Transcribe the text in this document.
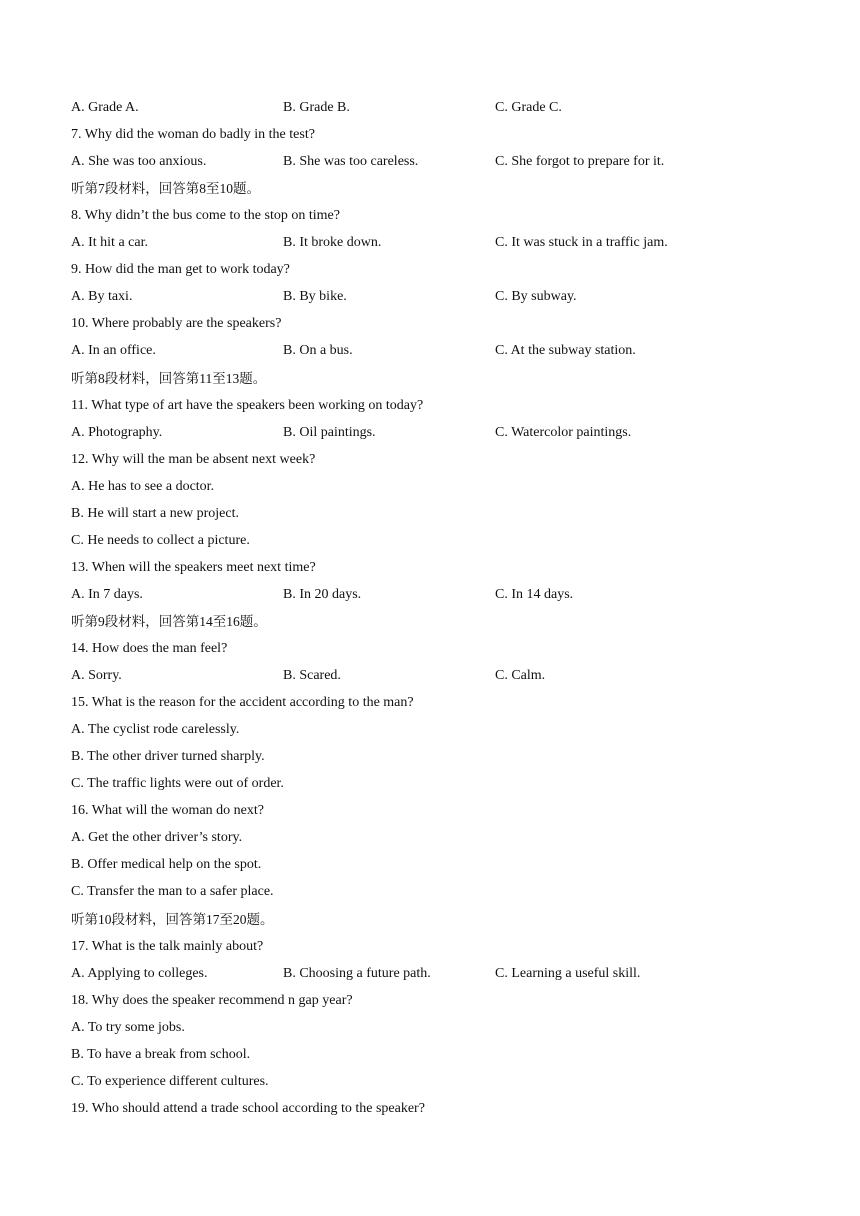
A. Grade A.	B. Grade B.	C. Grade C.
7. Why did the woman do badly in the test?
A. She was too anxious.	B. She was too careless.	C. She forgot to prepare for it.
听第7段材料，回答第8至10题。
8. Why didn’t the bus come to the stop on time?
A. It hit a car.	B. It broke down.	C. It was stuck in a traffic jam.
9. How did the man get to work today?
A. By taxi.	B. By bike.	C. By subway.
10. Where probably are the speakers?
A. In an office.	B. On a bus.	C. At the subway station.
听第8段材料，回答第11至13题。
11. What type of art have the speakers been working on today?
A. Photography.	B. Oil paintings.	C. Watercolor paintings.
12. Why will the man be absent next week?
A. He has to see a doctor.
B. He will start a new project.
C. He needs to collect a picture.
13. When will the speakers meet next time?
A. In 7 days.	B. In 20 days.	C. In 14 days.
听第9段材料，回答第14至16题。
14. How does the man feel?
A. Sorry.	B. Scared.	C. Calm.
15. What is the reason for the accident according to the man?
A. The cyclist rode carelessly.
B. The other driver turned sharply.
C. The traffic lights were out of order.
16. What will the woman do next?
A. Get the other driver’s story.
B. Offer medical help on the spot.
C. Transfer the man to a safer place.
听第10段材料，回答第17至20题。
17. What is the talk mainly about?
A. Applying to colleges.	B. Choosing a future path.	C. Learning a useful skill.
18. Why does the speaker recommend n gap year?
A. To try some jobs.
B. To have a break from school.
C. To experience different cultures.
19. Who should attend a trade school according to the speaker?
